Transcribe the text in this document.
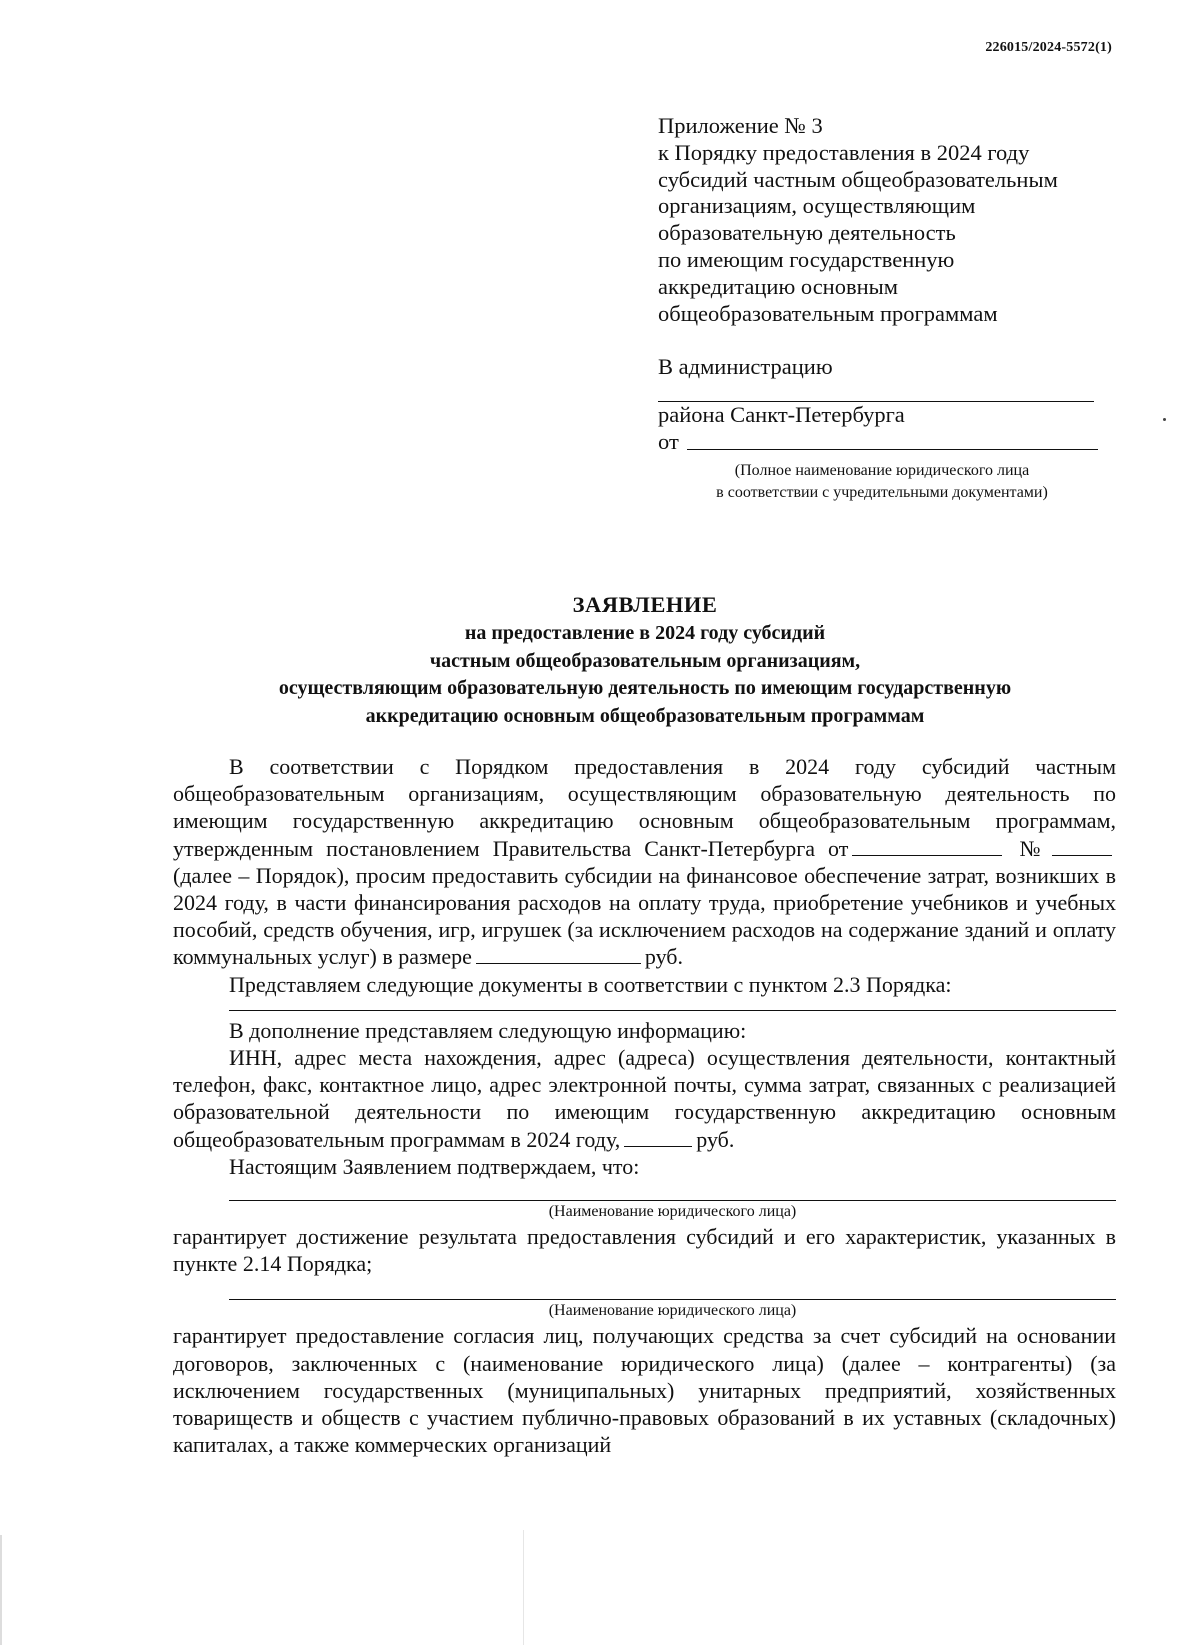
226015/2024-5572(1)
Приложение № 3
к Порядку предоставления в 2024 году
субсидий частным общеобразовательным
организациям, осуществляющим
образовательную деятельность
по имеющим государственную
аккредитацию основным
общеобразовательным программам
В администрацию
района Санкт-Петербурга
от
(Полное наименование юридического лица
в соответствии с учредительными документами)
ЗАЯВЛЕНИЕ
на предоставление в 2024 году субсидий
частным общеобразовательным организациям,
осуществляющим образовательную деятельность по имеющим государственную
аккредитацию основным общеобразовательным программам

В соответствии с Порядком предоставления в 2024 году субсидий частным общеобразовательным организациям, осуществляющим образовательную деятельность по имеющим государственную аккредитацию основным общеобразовательным программам, утвержденным постановлением Правительства Санкт-Петербурга от	№ (далее – Порядок), просим предоставить субсидии на финансовое обеспечение затрат, возникших в 2024 году, в части финансирования расходов на оплату труда, приобретение учебников и учебных пособий, средств обучения, игр, игрушек (за исключением расходов на содержание зданий и оплату коммунальных услуг) в размере	руб.

Представляем следующие документы в соответствии с пунктом 2.3 Порядка:

В дополнение представляем следующую информацию:

ИНН, адрес места нахождения, адрес (адреса) осуществления деятельности, контактный телефон, факс, контактное лицо, адрес электронной почты, сумма затрат, связанных с реализацией образовательной деятельности по имеющим государственную аккредитацию основным общеобразовательным программам в 2024 году,	руб.

Настоящим Заявлением подтверждаем, что:

(Наименование юридического лица)

гарантирует достижение результата предоставления субсидий и его характеристик, указанных в пункте 2.14 Порядка;

(Наименование юридического лица)

гарантирует предоставление согласия лиц, получающих средства за счет субсидий на основании договоров, заключенных с (наименование юридического лица) (далее – контрагенты) (за исключением государственных (муниципальных) унитарных предприятий, хозяйственных товариществ и обществ с участием публично-правовых образований в их уставных (складочных) капиталах, а также коммерческих организаций
